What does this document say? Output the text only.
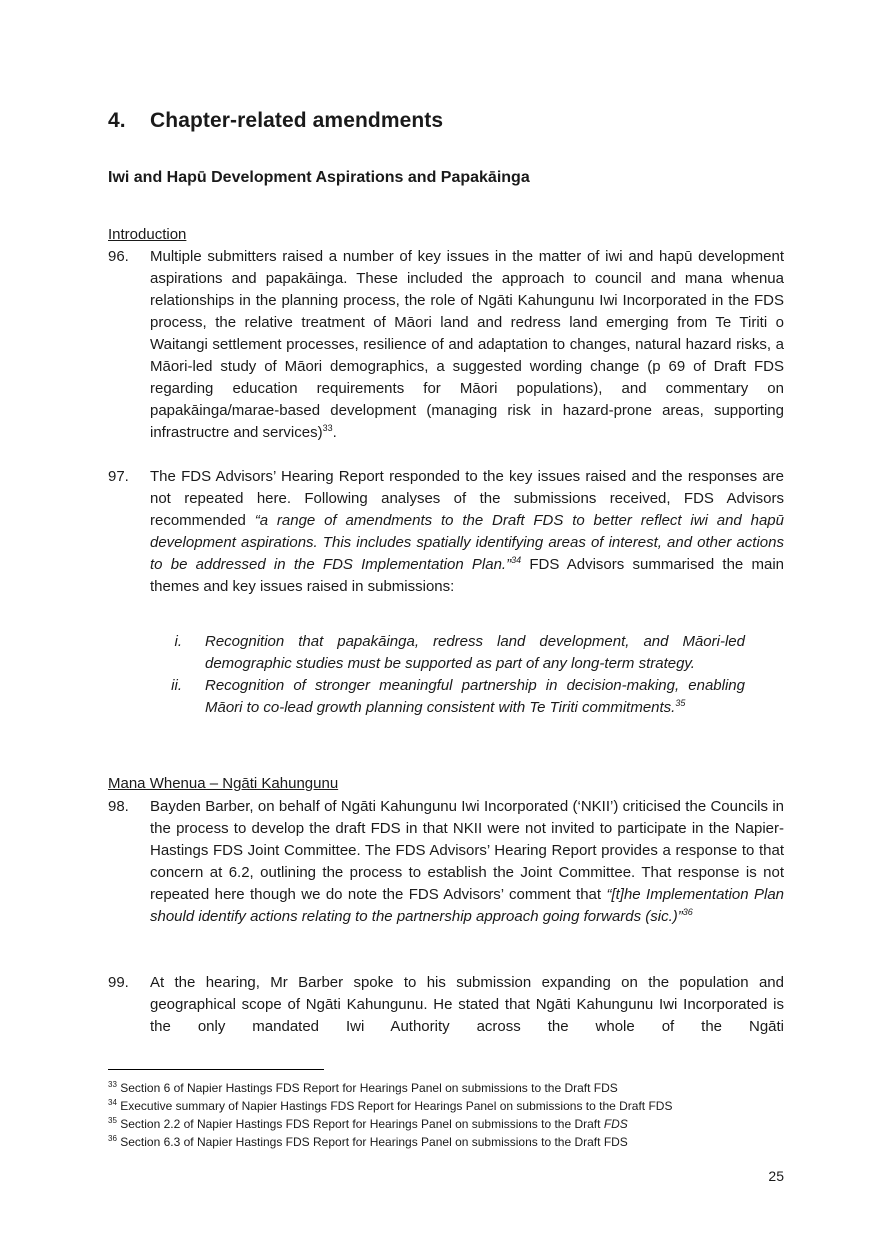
4. Chapter-related amendments
Iwi and Hapū Development Aspirations and Papakāinga

Introduction

96. Multiple submitters raised a number of key issues in the matter of iwi and hapū development aspirations and papakāinga. These included the approach to council and mana whenua relationships in the planning process, the role of Ngāti Kahungunu Iwi Incorporated in the FDS process, the relative treatment of Māori land and redress land emerging from Te Tiriti o Waitangi settlement processes, resilience of and adaptation to changes, natural hazard risks, a Māori-led study of Māori demographics, a suggested wording change (p 69 of Draft FDS regarding education requirements for Māori populations), and commentary on papakāinga/marae-based development (managing risk in hazard-prone areas, supporting infrastructre and services)$^{33}$.
97. The FDS Advisors’ Hearing Report responded to the key issues raised and the responses are not repeated here. Following analyses of the submissions received, FDS Advisors recommended “a range of amendments to the Draft FDS to better reflect iwi and hapū development aspirations. This includes spatially identifying areas of interest, and other actions to be addressed in the FDS Implementation Plan.”$^{34}$ FDS Advisors summarised the main themes and key issues raised in submissions:
i. Recognition that papakāinga, redress land development, and Māori-led demographic studies must be supported as part of any long-term strategy.
ii. Recognition of stronger meaningful partnership in decision-making, enabling Māori to co-lead growth planning consistent with Te Tiriti commitments.$^{35}$

Mana Whenua – Ngāti Kahungunu

98. Bayden Barber, on behalf of Ngāti Kahungunu Iwi Incorporated (‘NKII’) criticised the Councils in the process to develop the draft FDS in that NKII were not invited to participate in the Napier-Hastings FDS Joint Committee. The FDS Advisors’ Hearing Report provides a response to that concern at 6.2, outlining the process to establish the Joint Committee. That response is not repeated here though we do note the FDS Advisors’ comment that “[t]he Implementation Plan should identify actions relating to the partnership approach going forwards (sic.)”$^{36}$
99. At the hearing, Mr Barber spoke to his submission expanding on the population and geographical scope of Ngāti Kahungunu. He stated that Ngāti Kahungunu Iwi Incorporated is the only mandated Iwi Authority across the whole of the Ngāti
$^{33}$ Section 6 of Napier Hastings FDS Report for Hearings Panel on submissions to the Draft FDS
$^{34}$ Executive summary of Napier Hastings FDS Report for Hearings Panel on submissions to the Draft FDS
$^{35}$ Section 2.2 of Napier Hastings FDS Report for Hearings Panel on submissions to the Draft FDS
$^{36}$ Section 6.3 of Napier Hastings FDS Report for Hearings Panel on submissions to the Draft FDS
25
